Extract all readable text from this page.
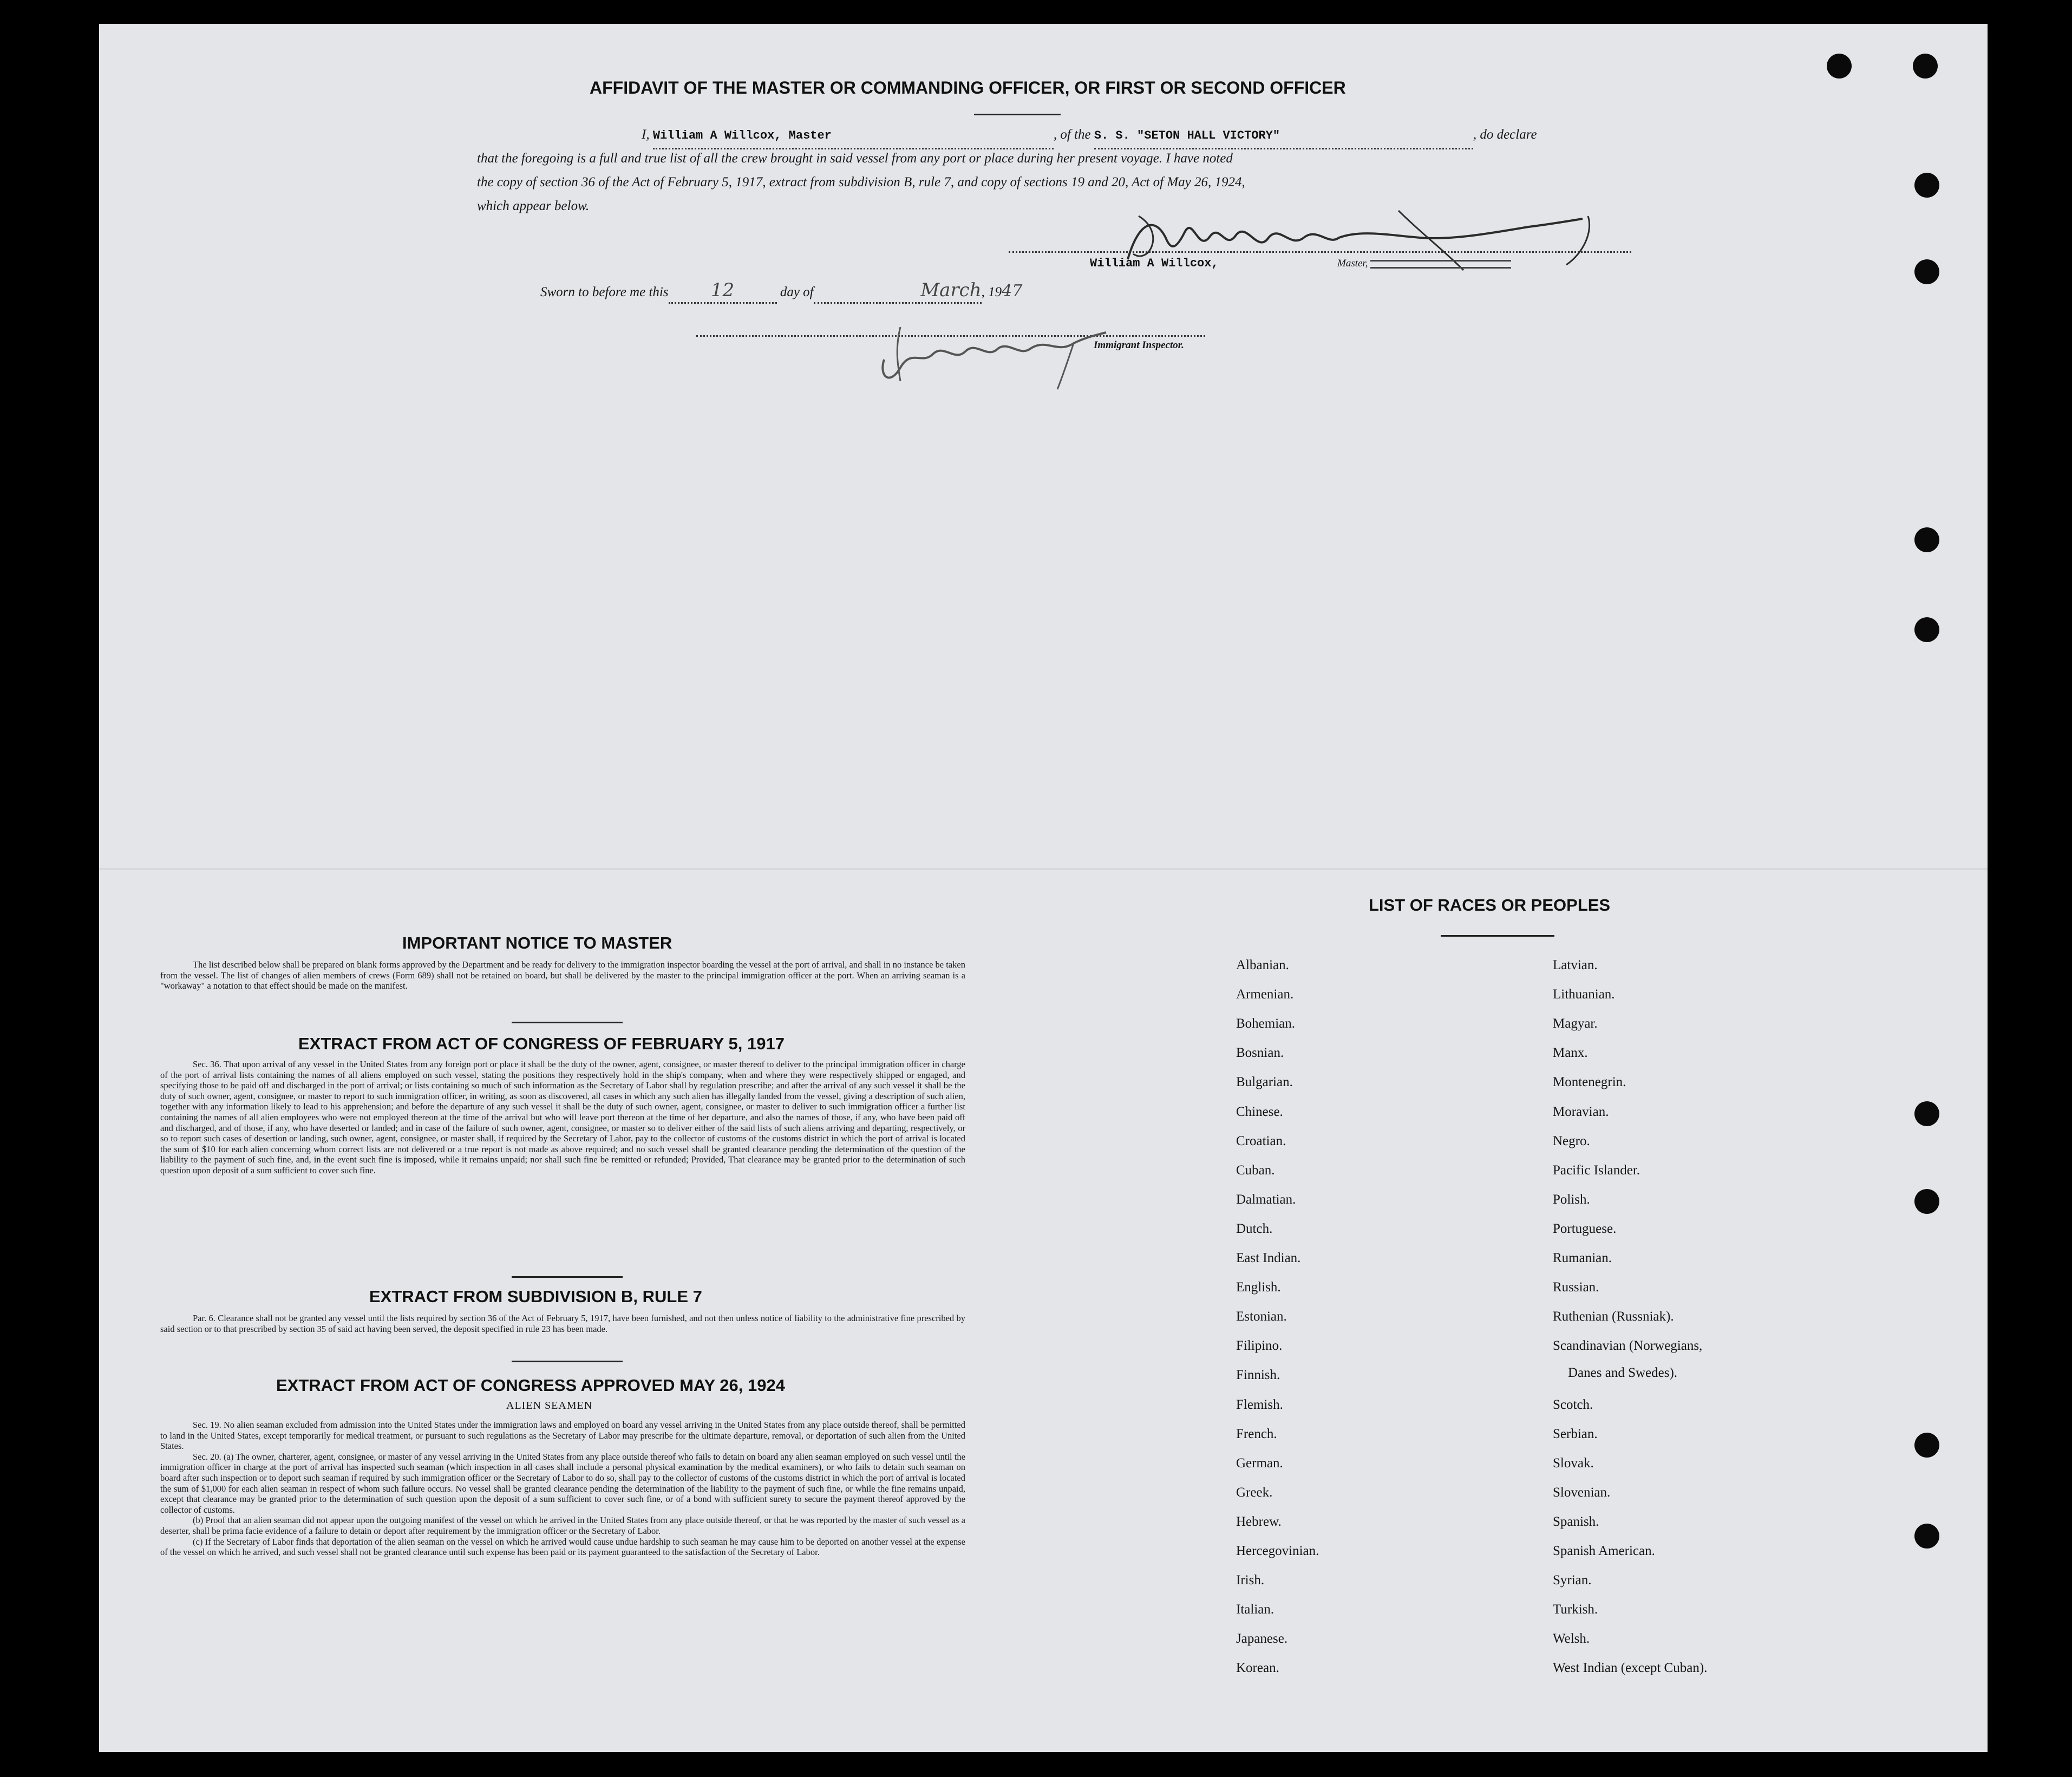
AFFIDAVIT OF THE MASTER OR COMMANDING OFFICER, OR FIRST OR SECOND OFFICER
I, William A Willcox, Master	, of the S. S. "SETON HALL VICTORY"	, do declare
that the foregoing is a full and true list of all the crew brought in said vessel from any port or place during her present voyage. I have noted
the copy of section 36 of the Act of February 5, 1917, extract from subdivision B, rule 7, and copy of sections 19 and 20, Act of May 26, 1924,
which appear below.
William A Willcox,	Master,
Sworn to before me this 12	day of	March, 1947
Immigrant Inspector.
IMPORTANT NOTICE TO MASTER
The list described below shall be prepared on blank forms approved by the Department and be ready for delivery to the immigration inspector boarding the vessel at the port of arrival, and shall in no instance be taken from the vessel. The list of changes of alien members of crews (Form 689) shall not be retained on board, but shall be delivered by the master to the principal immigration officer at the port. When an arriving seaman is a "workaway" a notation to that effect should be made on the manifest.
EXTRACT FROM ACT OF CONGRESS OF FEBRUARY 5, 1917
Sec. 36. That upon arrival of any vessel in the United States from any foreign port or place it shall be the duty of the owner, agent, consignee, or master thereof to deliver to the principal immigration officer in charge of the port of arrival lists containing the names of all aliens employed on such vessel, stating the positions they respectively hold in the ship's company, when and where they were respectively shipped or engaged, and specifying those to be paid off and discharged in the port of arrival; or lists containing so much of such information as the Secretary of Labor shall by regulation prescribe; and after the arrival of any such vessel it shall be the duty of such owner, agent, consignee, or master to report to such immigration officer, in writing, as soon as discovered, all cases in which any such alien has illegally landed from the vessel, giving a description of such alien, together with any information likely to lead to his apprehension; and before the departure of any such vessel it shall be the duty of such owner, agent, consignee, or master to deliver to such immigration officer a further list containing the names of all alien employees who were not employed thereon at the time of the arrival but who will leave port thereon at the time of her departure, and also the names of those, if any, who have been paid off and discharged, and of those, if any, who have deserted or landed; and in case of the failure of such owner, agent, consignee, or master so to deliver either of the said lists of such aliens arriving and departing, respectively, or so to report such cases of desertion or landing, such owner, agent, consignee, or master shall, if required by the Secretary of Labor, pay to the collector of customs of the customs district in which the port of arrival is located the sum of $10 for each alien concerning whom correct lists are not delivered or a true report is not made as above required; and no such vessel shall be granted clearance pending the determination of the question of the liability to the payment of such fine, and, in the event such fine is imposed, while it remains unpaid; nor shall such fine be remitted or refunded; Provided, That clearance may be granted prior to the determination of such question upon deposit of a sum sufficient to cover such fine.
EXTRACT FROM SUBDIVISION B, RULE 7
Par. 6. Clearance shall not be granted any vessel until the lists required by section 36 of the Act of February 5, 1917, have been furnished, and not then unless notice of liability to the administrative fine prescribed by said section or to that prescribed by section 35 of said act having been served, the deposit specified in rule 23 has been made.
EXTRACT FROM ACT OF CONGRESS APPROVED MAY 26, 1924
ALIEN SEAMEN
Sec. 19. No alien seaman excluded from admission into the United States under the immigration laws and employed on board any vessel arriving in the United States from any place outside thereof, shall be permitted to land in the United States, except temporarily for medical treatment, or pursuant to such regulations as the Secretary of Labor may prescribe for the ultimate departure, removal, or deportation of such alien from the United States.
Sec. 20. (a) The owner, charterer, agent, consignee, or master of any vessel arriving in the United States from any place outside thereof who fails to detain on board any alien seaman employed on such vessel until the immigration officer in charge at the port of arrival has inspected such seaman (which inspection in all cases shall include a personal physical examination by the medical examiners), or who fails to detain such seaman on board after such inspection or to deport such seaman if required by such immigration officer or the Secretary of Labor to do so, shall pay to the collector of customs of the customs district in which the port of arrival is located the sum of $1,000 for each alien seaman in respect of whom such failure occurs. No vessel shall be granted clearance pending the determination of the liability to the payment of such fine, or while the fine remains unpaid, except that clearance may be granted prior to the determination of such question upon the deposit of a sum sufficient to cover such fine, or of a bond with sufficient surety to secure the payment thereof approved by the collector of customs.
(b) Proof that an alien seaman did not appear upon the outgoing manifest of the vessel on which he arrived in the United States from any place outside thereof, or that he was reported by the master of such vessel as a deserter, shall be prima facie evidence of a failure to detain or deport after requirement by the immigration officer or the Secretary of Labor.
(c) If the Secretary of Labor finds that deportation of the alien seaman on the vessel on which he arrived would cause undue hardship to such seaman he may cause him to be deported on another vessel at the expense of the vessel on which he arrived, and such vessel shall not be granted clearance until such expense has been paid or its payment guaranteed to the satisfaction of the Secretary of Labor.
LIST OF RACES OR PEOPLES
Danes and Swedes).
Albanian.
Armenian.
Bohemian.
Bosnian.
Bulgarian.
Chinese.
Croatian.
Cuban.
Dalmatian.
Dutch.
East Indian.
English.
Estonian.
Filipino.
Finnish.
Flemish.
French.
German.
Greek.
Hebrew.
Hercegovinian.
Irish.
Italian.
Japanese.
Korean.
Latvian.
Lithuanian.
Magyar.
Manx.
Montenegrin.
Moravian.
Negro.
Pacific Islander.
Polish.
Portuguese.
Rumanian.
Russian.
Ruthenian (Russniak).
Scandinavian (Norwegians,
Scotch.
Serbian.
Slovak.
Slovenian.
Spanish.
Spanish American.
Syrian.
Turkish.
Welsh.
West Indian (except Cuban).
